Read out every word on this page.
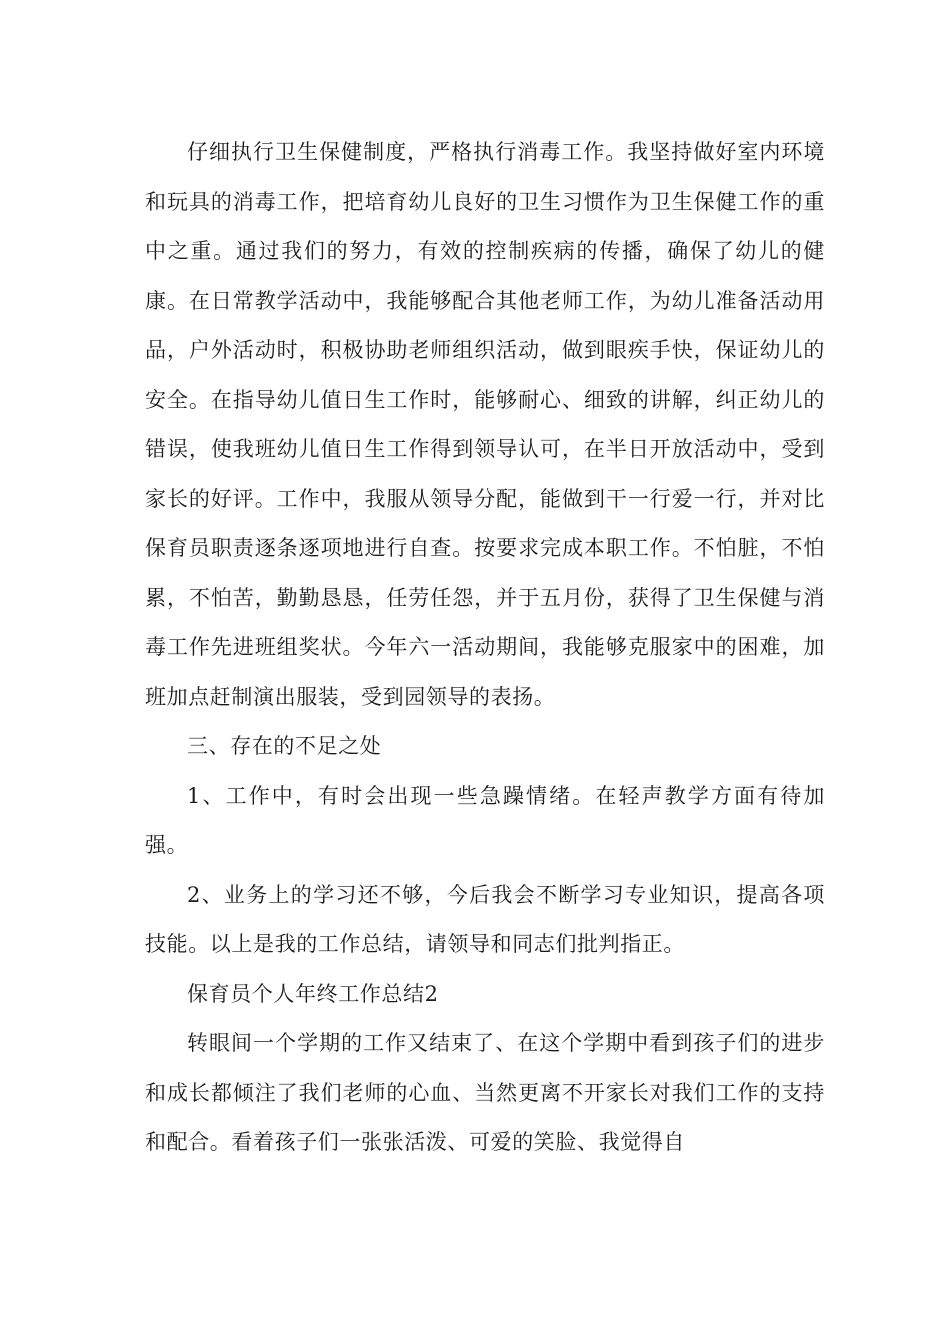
仔细执行卫生保健制度，严格执行消毒工作。我坚持做好室内环境和玩具的消毒工作，把培育幼儿良好的卫生习惯作为卫生保健工作的重中之重。通过我们的努力，有效的控制疾病的传播，确保了幼儿的健康。在日常教学活动中，我能够配合其他老师工作，为幼儿准备活动用品，户外活动时，积极协助老师组织活动，做到眼疾手快，保证幼儿的安全。在指导幼儿值日生工作时，能够耐心、细致的讲解，纠正幼儿的错误，使我班幼儿值日生工作得到领导认可，在半日开放活动中，受到家长的好评。工作中，我服从领导分配，能做到干一行爱一行，并对比保育员职责逐条逐项地进行自查。按要求完成本职工作。不怕脏，不怕累，不怕苦，勤勤恳恳，任劳任怨，并于五月份，获得了卫生保健与消毒工作先进班组奖状。今年六一活动期间，我能够克服家中的困难，加班加点赶制演出服装，受到园领导的表扬。

三、存在的不足之处

1、工作中，有时会出现一些急躁情绪。在轻声教学方面有待加强。

2、业务上的学习还不够，今后我会不断学习专业知识，提高各项技能。以上是我的工作总结，请领导和同志们批判指正。

保育员个人年终工作总结2

转眼间一个学期的工作又结束了、在这个学期中看到孩子们的进步和成长都倾注了我们老师的心血、当然更离不开家长对我们工作的支持和配合。看着孩子们一张张活泼、可爱的笑脸、我觉得自
